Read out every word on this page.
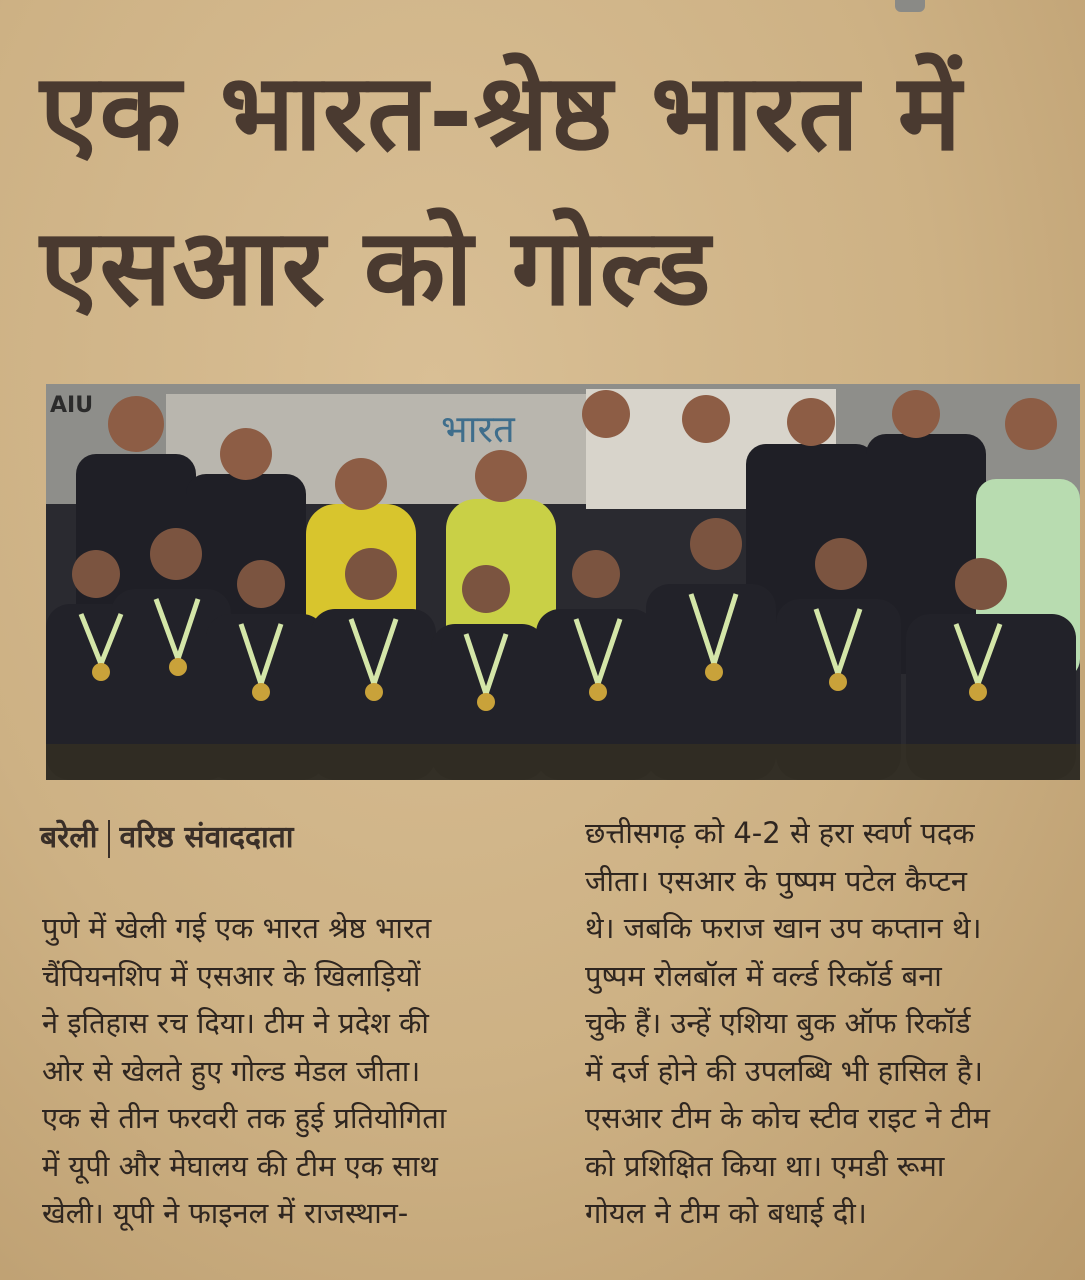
एक भारत-श्रेष्ठ भारत में
एसआर को गोल्ड
AIU
भारत
बरेली वरिष्ठ संवाददाता
पुणे में खेली गई एक भारत श्रेष्ठ भारत
चैंपियनशिप में एसआर के खिलाड़ियों
ने इतिहास रच दिया। टीम ने प्रदेश की
ओर से खेलते हुए गोल्ड मेडल जीता।
एक से तीन फरवरी तक हुई प्रतियोगिता
में यूपी और मेघालय की टीम एक साथ
खेली। यूपी ने फाइनल में राजस्थान-
छत्तीसगढ़ को 4-2 से हरा स्वर्ण पदक
जीता। एसआर के पुष्पम पटेल कैप्टन
थे। जबकि फराज खान उप कप्तान थे।
पुष्पम रोलबॉल में वर्ल्ड रिकॉर्ड बना
चुके हैं। उन्हें एशिया बुक ऑफ रिकॉर्ड
में दर्ज होने की उपलब्धि भी हासिल है।
एसआर टीम के कोच स्टीव राइट ने टीम
को प्रशिक्षित किया था। एमडी रूमा
गोयल ने टीम को बधाई दी।
